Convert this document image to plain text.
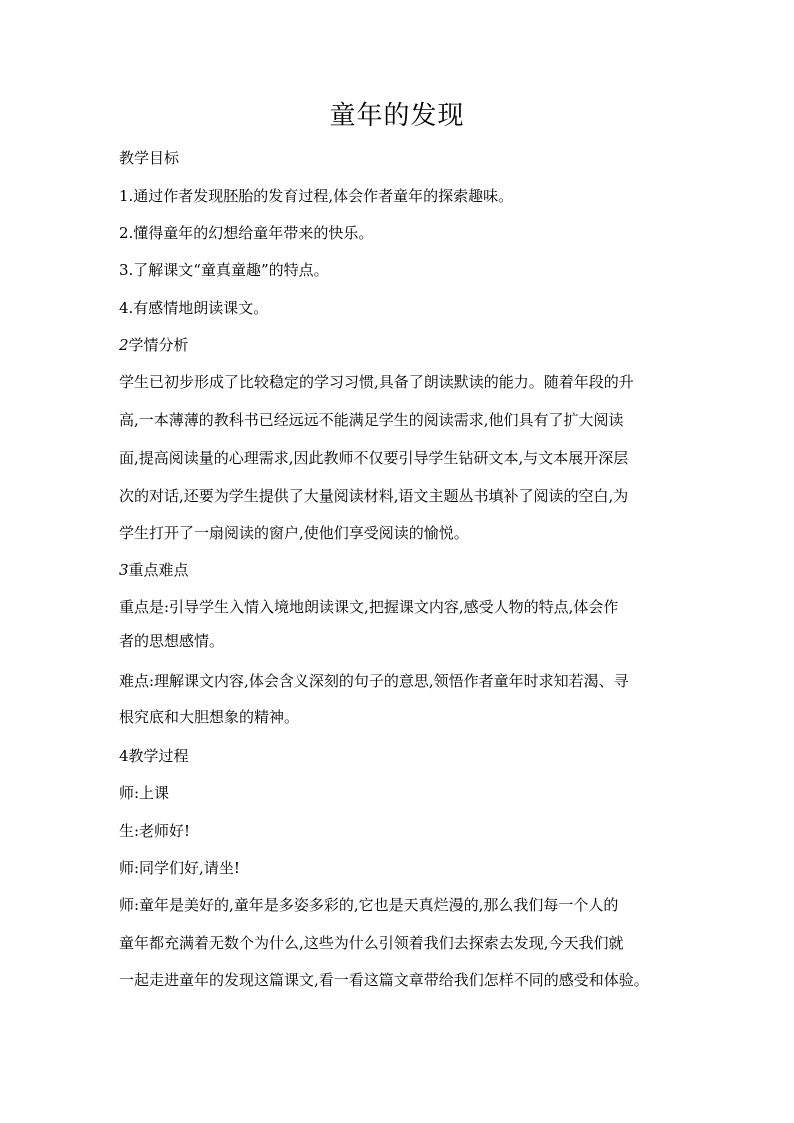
童年的发现
教学目标
1.通过作者发现胚胎的发育过程,体会作者童年的探索趣味。
2.懂得童年的幻想给童年带来的快乐。
3.了解课文“童真童趣”的特点。
4.有感情地朗读课文。
2学情分析
学生已初步形成了比较稳定的学习习惯,具备了朗读默读的能力。随着年段的升
高,一本薄薄的教科书已经远远不能满足学生的阅读需求,他们具有了扩大阅读
面,提高阅读量的心理需求,因此教师不仅要引导学生钻研文本,与文本展开深层
次的对话,还要为学生提供了大量阅读材料,语文主题丛书填补了阅读的空白,为
学生打开了一扇阅读的窗户,使他们享受阅读的愉悦。
3重点难点
重点是:引导学生入情入境地朗读课文,把握课文内容,感受人物的特点,体会作
者的思想感情。
难点:理解课文内容,体会含义深刻的句子的意思,领悟作者童年时求知若渴、寻
根究底和大胆想象的精神。
4教学过程
师:上课
生:老师好!
师:同学们好,请坐!
师:童年是美好的,童年是多姿多彩的,它也是天真烂漫的,那么我们每一个人的
童年都充满着无数个为什么,这些为什么引领着我们去探索去发现,今天我们就
一起走进童年的发现这篇课文,看一看这篇文章带给我们怎样不同的感受和体验。
